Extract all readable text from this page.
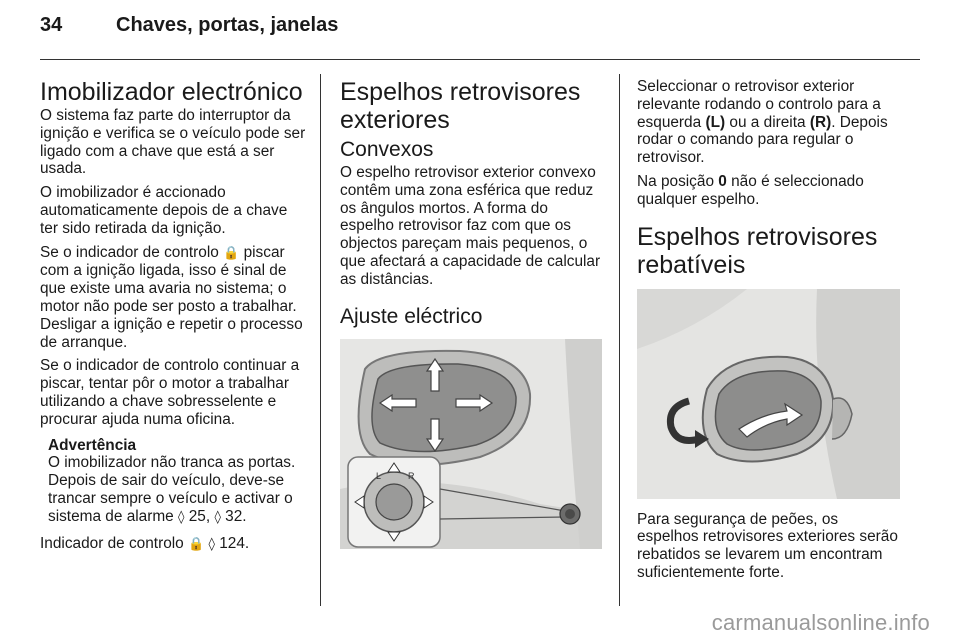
34	Chaves, portas, janelas
Imobilizador electrónico

O sistema faz parte do interruptor da ignição e verifica se o veículo pode ser ligado com a chave que está a ser usada.

O imobilizador é accionado automaticamente depois de a chave ter sido retirada da ignição.

Se o indicador de controlo 🔒 piscar com a ignição ligada, isso é sinal de que existe uma avaria no sistema; o motor não pode ser posto a trabalhar. Desligar a ignição e repetir o processo de arranque.

Se o indicador de controlo continuar a piscar, tentar pôr o motor a trabalhar utilizando a chave sobresselente e procurar ajuda numa oficina.

Advertência
O imobilizador não tranca as portas. Depois de sair do veículo, deve-se trancar sempre o veículo e activar o sistema de alarme ◊ 25, ◊ 32.

Indicador de controlo 🔒 ◊ 124.

Espelhos retrovisores exteriores
Convexos

O espelho retrovisor exterior convexo contêm uma zona esférica que reduz os ângulos mortos. A forma do espelho retrovisor faz com que os objectos pareçam mais pequenos, o que afectará a capacidade de calcular as distâncias.

Ajuste eléctrico
L	R

Seleccionar o retrovisor exterior relevante rodando o controlo para a esquerda (L) ou a direita (R). Depois rodar o comando para regular o retrovisor.

Na posição 0 não é seleccionado qualquer espelho.

Espelhos retrovisores rebatíveis

Para segurança de peões, os espelhos retrovisores exteriores serão rebatidos se levarem um encontram suficientemente forte.

carmanualsonline.info
